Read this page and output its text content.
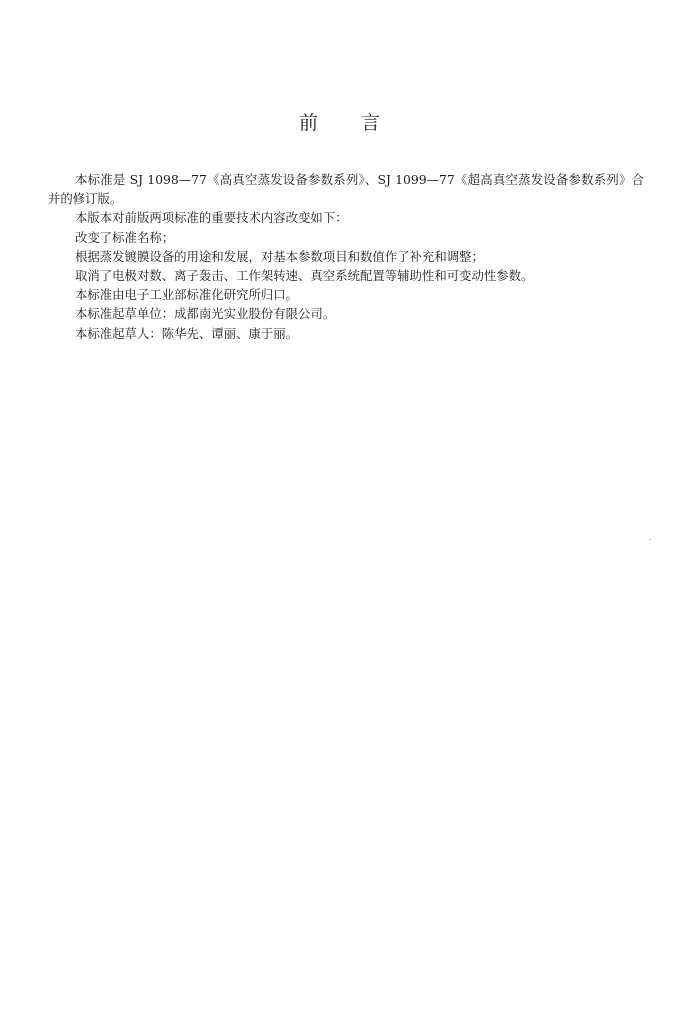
前 言

本标准是 SJ 1098—77《高真空蒸发设备参数系列》、SJ 1099—77《超高真空蒸发设备参数系列》合并的修订版。

本版本对前版两项标准的重要技术内容改变如下：

改变了标准名称；

根据蒸发镀膜设备的用途和发展，对基本参数项目和数值作了补充和调整；

取消了电极对数、离子轰击、工作架转速、真空系统配置等辅助性和可变动性参数。

本标准由电子工业部标准化研究所归口。

本标准起草单位：成都南光实业股份有限公司。

本标准起草人：陈华先、谭丽、康于丽。
